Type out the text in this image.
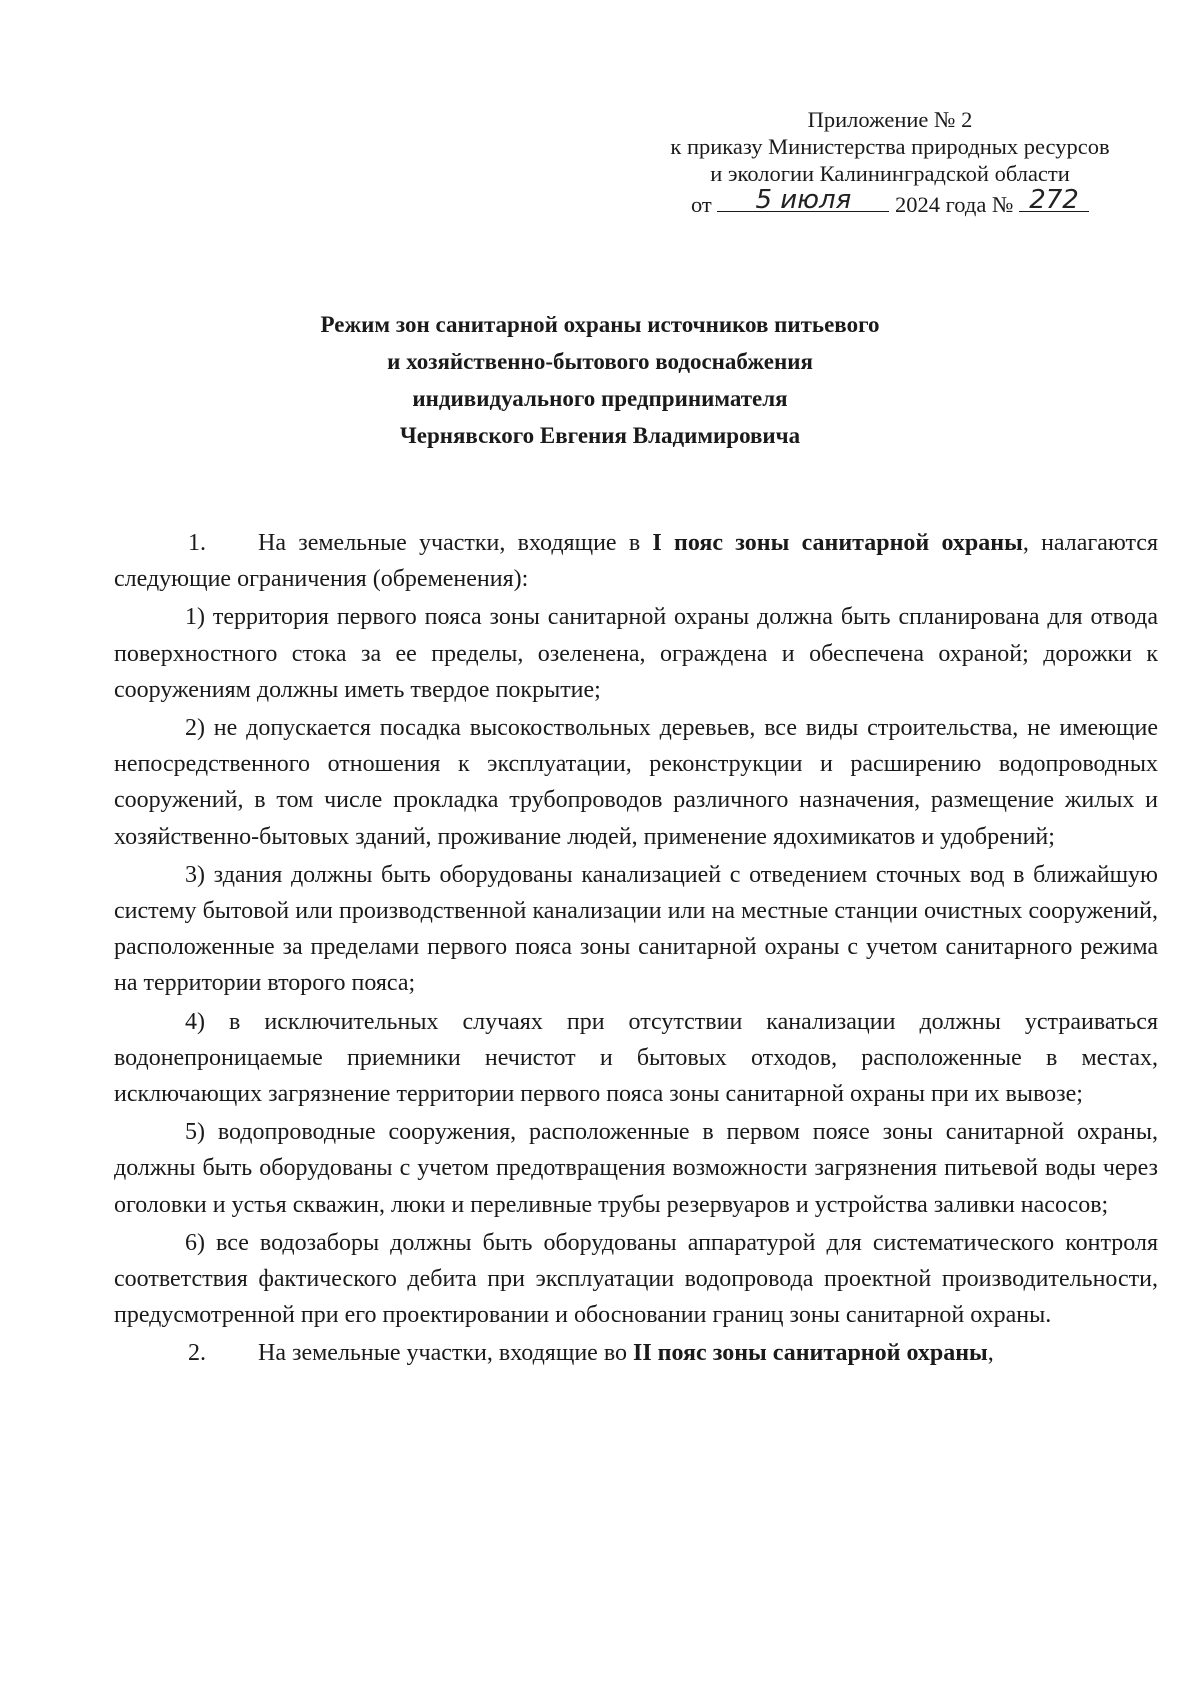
Приложение № 2
к приказу Министерства природных ресурсов
и экологии Калининградской области
от	5 июля	2024 года № 272
Режим зон санитарной охраны источников питьевого
и хозяйственно-бытового водоснабжения
индивидуального предпринимателя
Чернявского Евгения Владимировича

1. На земельные участки, входящие в I пояс зоны санитарной охраны, налагаются следующие ограничения (обременения):

1) территория первого пояса зоны санитарной охраны должна быть спланирована для отвода поверхностного стока за ее пределы, озеленена, ограждена и обеспечена охраной; дорожки к сооружениям должны иметь твердое покрытие;

2) не допускается посадка высокоствольных деревьев, все виды строительства, не имеющие непосредственного отношения к эксплуатации, реконструкции и расширению водопроводных сооружений, в том числе прокладка трубопроводов различного назначения, размещение жилых и хозяйственно-бытовых зданий, проживание людей, применение ядохимикатов и удобрений;

3) здания должны быть оборудованы канализацией с отведением сточных вод в ближайшую систему бытовой или производственной канализации или на местные станции очистных сооружений, расположенные за пределами первого пояса зоны санитарной охраны с учетом санитарного режима на территории второго пояса;

4) в исключительных случаях при отсутствии канализации должны устраиваться водонепроницаемые приемники нечистот и бытовых отходов, расположенные в местах, исключающих загрязнение территории первого пояса зоны санитарной охраны при их вывозе;

5) водопроводные сооружения, расположенные в первом поясе зоны санитарной охраны, должны быть оборудованы с учетом предотвращения возможности загрязнения питьевой воды через оголовки и устья скважин, люки и переливные трубы резервуаров и устройства заливки насосов;

6) все водозаборы должны быть оборудованы аппаратурой для систематического контроля соответствия фактического дебита при эксплуатации водопровода проектной производительности, предусмотренной при его проектировании и обосновании границ зоны санитарной охраны.

2. На земельные участки, входящие во II пояс зоны санитарной охраны,
